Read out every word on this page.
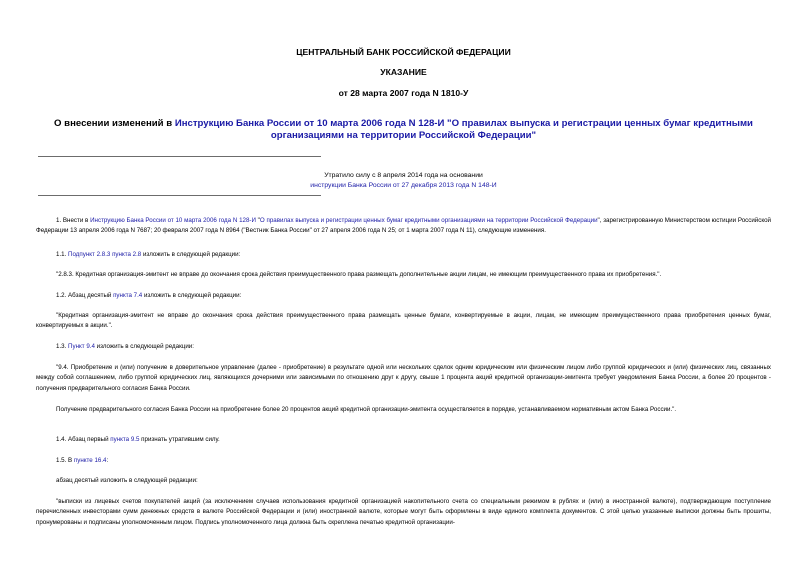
ЦЕНТРАЛЬНЫЙ БАНК РОССИЙСКОЙ ФЕДЕРАЦИИ
УКАЗАНИЕ
от 28 марта 2007 года N 1810-У
О внесении изменений в Инструкцию Банка России от 10 марта 2006 года N 128-И "О правилах выпуска и регистрации ценных бумаг кредитными организациями на территории Российской Федерации"
Утратило силу с 8 апреля 2014 года на основании
инструкции Банка России от 27 декабря 2013 года N 148-И
1. Внести в Инструкцию Банка России от 10 марта 2006 года N 128-И "О правилах выпуска и регистрации ценных бумаг кредитными организациями на территории Российской Федерации", зарегистрированную Министерством юстиции Российской Федерации 13 апреля 2006 года N 7687; 20 февраля 2007 года N 8964 ("Вестник Банка России" от 27 апреля 2006 года N 25; от 1 марта 2007 года N 11), следующие изменения.
1.1. Подпункт 2.8.3 пункта 2.8 изложить в следующей редакции:
"2.8.3. Кредитная организация-эмитент не вправе до окончания срока действия преимущественного права размещать дополнительные акции лицам, не имеющим преимущественного права их приобретения.".
1.2. Абзац десятый пункта 7.4 изложить в следующей редакции:
"Кредитная организация-эмитент не вправе до окончания срока действия преимущественного права размещать ценные бумаги, конвертируемые в акции, лицам, не имеющим преимущественного права приобретения ценных бумаг, конвертируемых в акции.".
1.3. Пункт 9.4 изложить в следующей редакции:
"9.4. Приобретение и (или) получение в доверительное управление (далее - приобретение) в результате одной или нескольких сделок одним юридическим или физическим лицом либо группой юридических и (или) физических лиц, связанных между собой соглашением, либо группой юридических лиц, являющихся дочерними или зависимыми по отношению друг к другу, свыше 1 процента акций кредитной организации-эмитента требует уведомления Банка России, а более 20 процентов - получения предварительного согласия Банка России.
Получение предварительного согласия Банка России на приобретение более 20 процентов акций кредитной организации-эмитента осуществляется в порядке, устанавливаемом нормативным актом Банка России.".
1.4. Абзац первый пункта 9.5 признать утратившим силу.
1.5. В пункте 16.4:
абзац десятый изложить в следующей редакции:
"выписки из лицевых счетов покупателей акций (за исключением случаев использования кредитной организацией накопительного счета со специальным режимом в рублях и (или) в иностранной валюте), подтверждающие поступление перечисленных инвесторами сумм денежных средств в валюте Российской Федерации и (или) иностранной валюте, которые могут быть оформлены в виде единого комплекта документов. С этой целью указанные выписки должны быть прошиты, пронумерованы и подписаны уполномоченным лицом. Подпись уполномоченного лица должна быть скреплена печатью кредитной организации-
